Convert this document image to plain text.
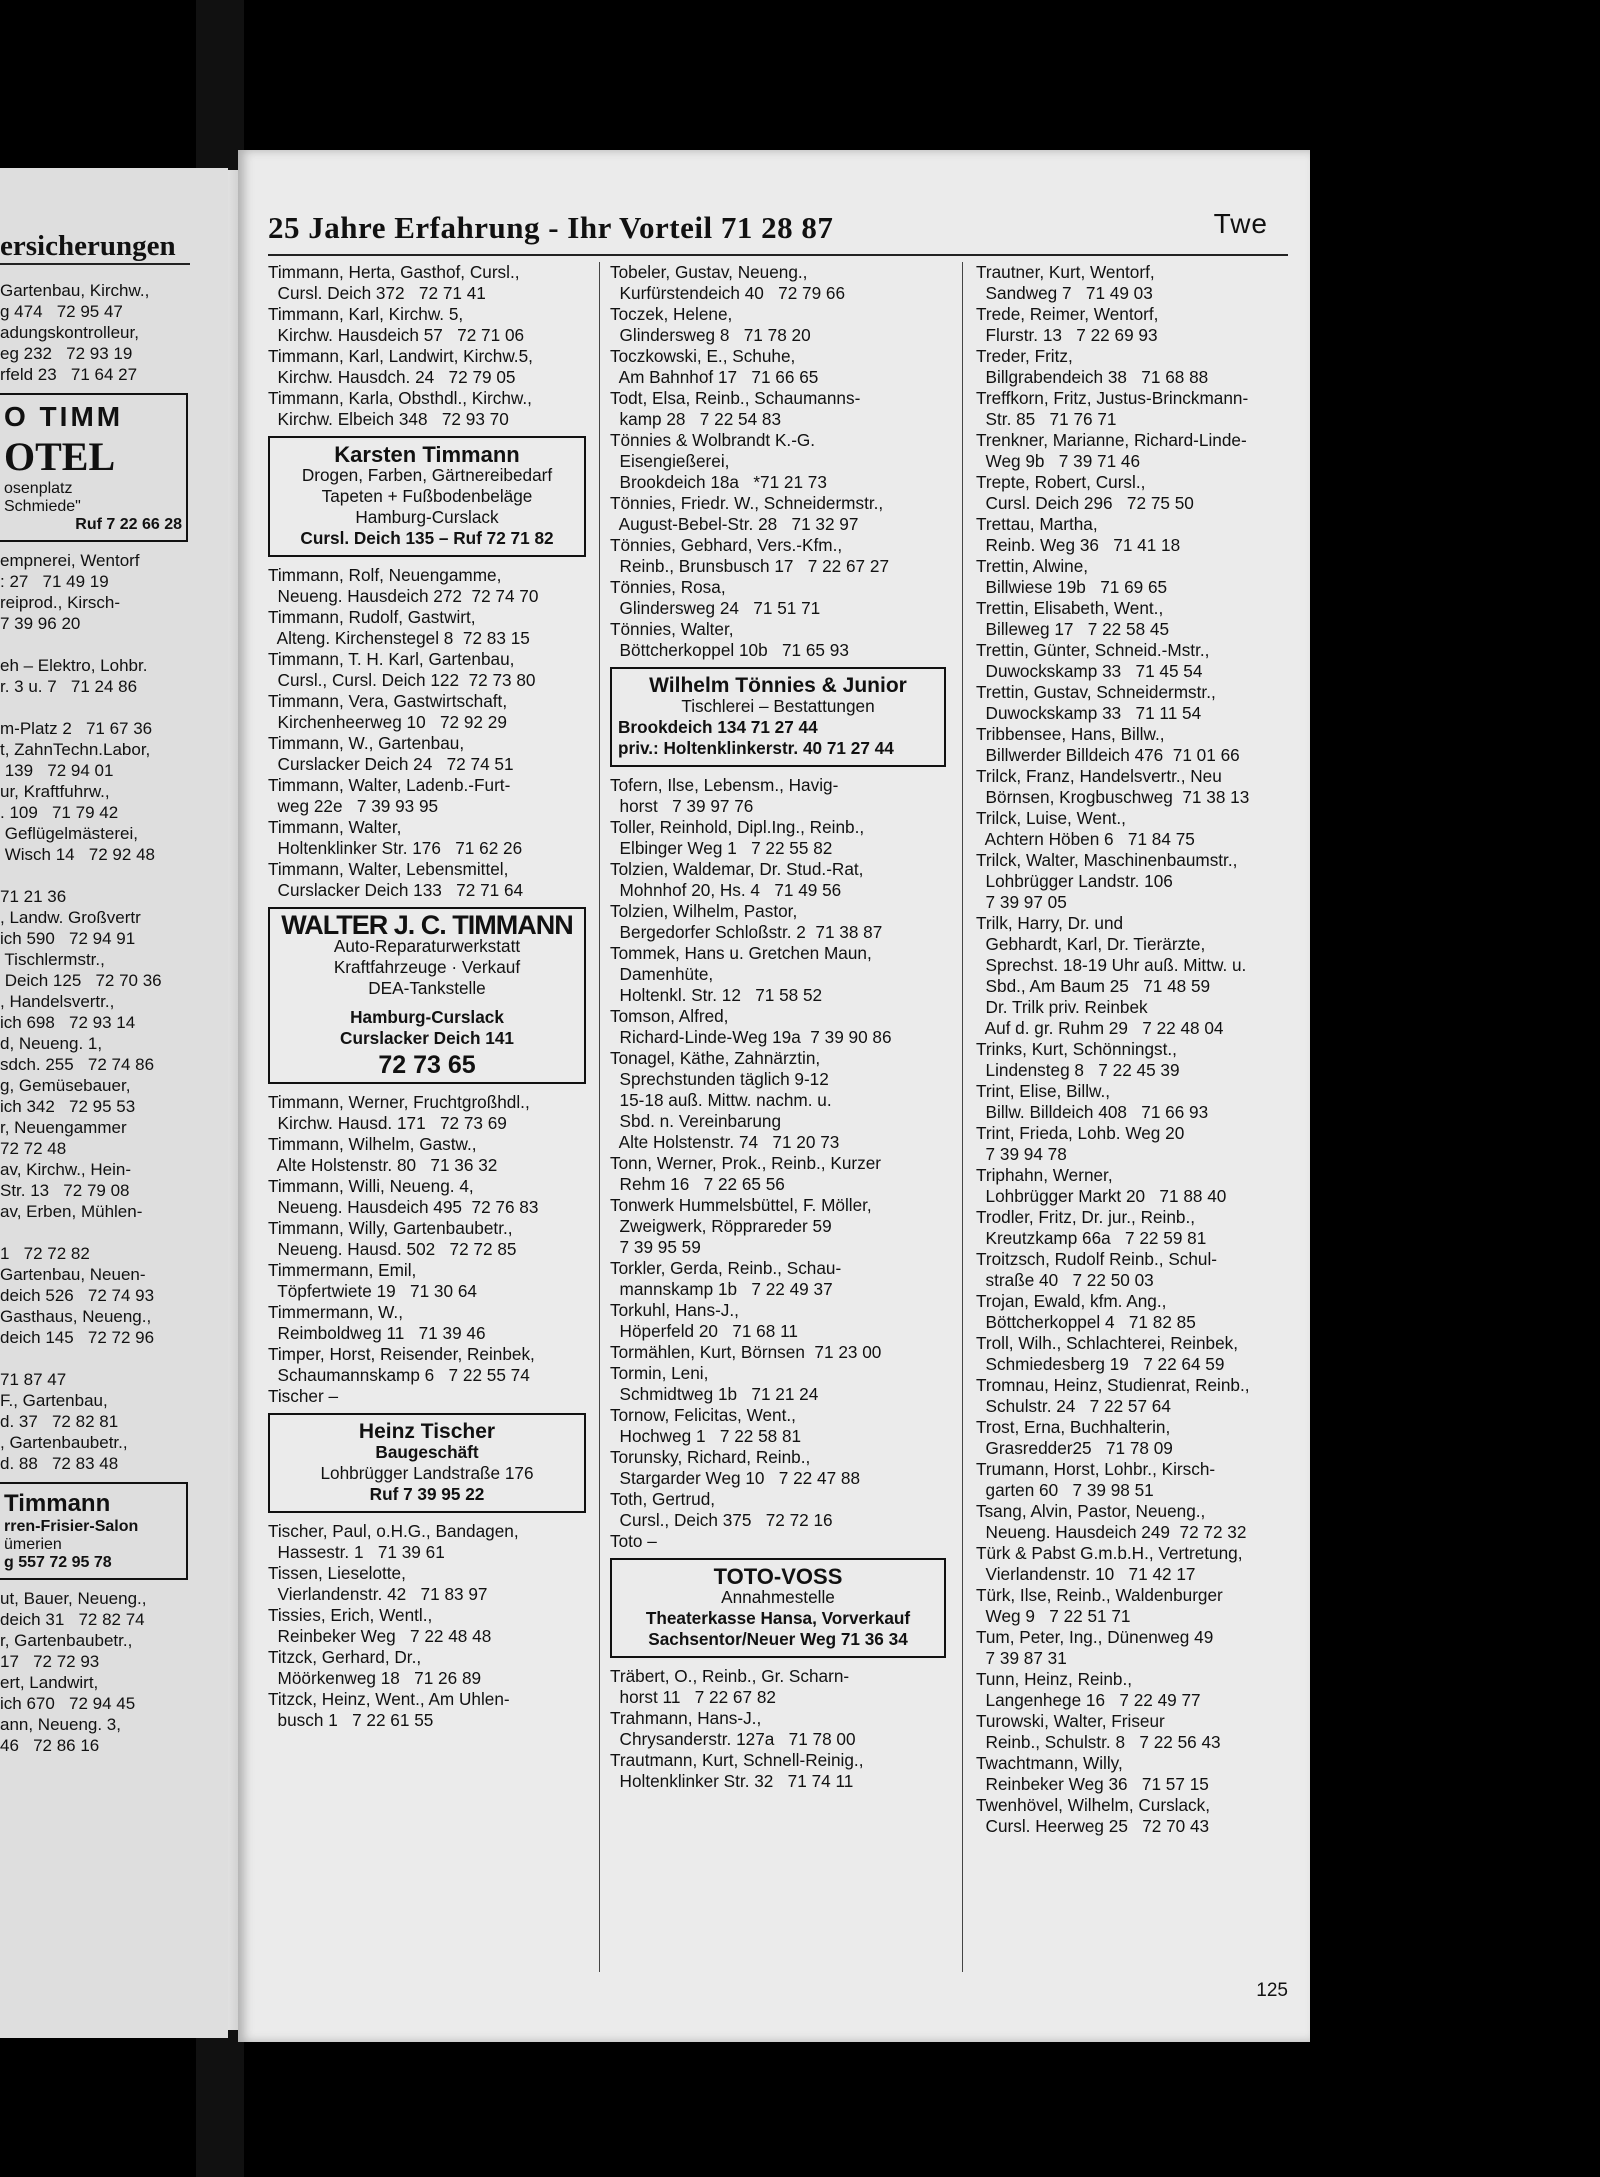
ersicherungen
Gartenbau, Kirchw.,
g 474   72 95 47
adungskontrolleur,
eg 232   72 93 19
rfeld 23   71 64 27
O TIMM
OTEL
osenplatz
Schmiede"
Ruf 7 22 66 28
empnerei, Wentorf
: 27   71 49 19
reiprod., Kirsch-
7 39 96 20

eh – Elektro, Lohbr.
r. 3 u. 7   71 24 86

m-Platz 2   71 67 36
t, ZahnTechn.Labor,
139   72 94 01
ur, Kraftfuhrw.,
. 109   71 79 42
Geflügelmästerei,
Wisch 14   72 92 48

71 21 36
, Landw. Großvertr
ich 590   72 94 91
Tischlermstr.,
Deich 125   72 70 36
, Handelsvertr.,
ich 698   72 93 14
d, Neueng. 1,
sdch. 255   72 74 86
g, Gemüsebauer,
ich 342   72 95 53
r, Neuengammer
72 72 48
av, Kirchw., Hein-
Str. 13   72 79 08
av, Erben, Mühlen-

1   72 72 82
Gartenbau, Neuen-
deich 526   72 74 93
Gasthaus, Neueng.,
deich 145   72 72 96

71 87 47
F., Gartenbau,
d. 37   72 82 81
, Gartenbaubetr.,
d. 88   72 83 48
Timmann
rren-Frisier-Salon
ümerien
g 557 72 95 78
ut, Bauer, Neueng.,
deich 31   72 82 74
r, Gartenbaubetr.,
17   72 72 93
ert, Landwirt,
ich 670   72 94 45
ann, Neueng. 3,
46   72 86 16
25 Jahre Erfahrung - Ihr Vorteil 71 28 87	Twe
Timmann, Herta, Gasthof, Cursl.,
Cursl. Deich 372   72 71 41
Timmann, Karl, Kirchw. 5,
Kirchw. Hausdeich 57   72 71 06
Timmann, Karl, Landwirt, Kirchw.5,
Kirchw. Hausdch. 24   72 79 05
Timmann, Karla, Obsthdl., Kirchw.,
Kirchw. Elbeich 348   72 93 70
Karsten Timmann
Drogen, Farben, Gärtnereibedarf
Tapeten + Fußbodenbeläge
Hamburg-Curslack
Cursl. Deich 135 – Ruf 72 71 82
Timmann, Rolf, Neuengamme,
Neueng. Hausdeich 272  72 74 70
Timmann, Rudolf, Gastwirt,
Alteng. Kirchenstegel 8  72 83 15
Timmann, T. H. Karl, Gartenbau,
Cursl., Cursl. Deich 122  72 73 80
Timmann, Vera, Gastwirtschaft,
Kirchenheerweg 10   72 92 29
Timmann, W., Gartenbau,
Curslacker Deich 24   72 74 51
Timmann, Walter, Ladenb.-Furt-
weg 22e   7 39 93 95
Timmann, Walter,
Holtenklinker Str. 176   71 62 26
Timmann, Walter, Lebensmittel,
Curslacker Deich 133   72 71 64
WALTER J. C. TIMMANN
Auto-Reparaturwerkstatt
Kraftfahrzeuge · Verkauf
DEA-Tankstelle
Hamburg-Curslack
Curslacker Deich 141
72 73 65
Timmann, Werner, Fruchtgroßhdl.,
Kirchw. Hausd. 171   72 73 69
Timmann, Wilhelm, Gastw.,
Alte Holstenstr. 80   71 36 32
Timmann, Willi, Neueng. 4,
Neueng. Hausdeich 495  72 76 83
Timmann, Willy, Gartenbaubetr.,
Neueng. Hausd. 502   72 72 85
Timmermann, Emil,
Töpfertwiete 19   71 30 64
Timmermann, W.,
Reimboldweg 11   71 39 46
Timper, Horst, Reisender, Reinbek,
Schaumannskamp 6   7 22 55 74
Tischer –
Heinz Tischer
Baugeschäft
Lohbrügger Landstraße 176
Ruf 7 39 95 22
Tischer, Paul, o.H.G., Bandagen,
Hassestr. 1   71 39 61
Tissen, Lieselotte,
Vierlandenstr. 42   71 83 97
Tissies, Erich, Wentl.,
Reinbeker Weg   7 22 48 48
Titzck, Gerhard, Dr.,
Möörkenweg 18   71 26 89
Titzck, Heinz, Went., Am Uhlen-
busch 1   7 22 61 55
Tobeler, Gustav, Neueng.,
Kurfürstendeich 40   72 79 66
Toczek, Helene,
Glindersweg 8   71 78 20
Toczkowski, E., Schuhe,
Am Bahnhof 17   71 66 65
Todt, Elsa, Reinb., Schaumanns-
kamp 28   7 22 54 83
Tönnies & Wolbrandt K.-G.
Eisengießerei,
Brookdeich 18a   *71 21 73
Tönnies, Friedr. W., Schneidermstr.,
August-Bebel-Str. 28   71 32 97
Tönnies, Gebhard, Vers.-Kfm.,
Reinb., Brunsbusch 17   7 22 67 27
Tönnies, Rosa,
Glindersweg 24   71 51 71
Tönnies, Walter,
Böttcherkoppel 10b   71 65 93
Wilhelm Tönnies & Junior
Tischlerei – Bestattungen
Brookdeich 134 71 27 44
priv.: Holtenklinkerstr. 40 71 27 44
Tofern, Ilse, Lebensm., Havig-
horst   7 39 97 76
Toller, Reinhold, Dipl.Ing., Reinb.,
Elbinger Weg 1   7 22 55 82
Tolzien, Waldemar, Dr. Stud.-Rat,
Mohnhof 20, Hs. 4   71 49 56
Tolzien, Wilhelm, Pastor,
Bergedorfer Schloßstr. 2  71 38 87
Tommek, Hans u. Gretchen Maun,
Damenhüte,
Holtenkl. Str. 12   71 58 52
Tomson, Alfred,
Richard-Linde-Weg 19a  7 39 90 86
Tonagel, Käthe, Zahnärztin,
Sprechstunden täglich 9-12
15-18 auß. Mittw. nachm. u.
Sbd. n. Vereinbarung
Alte Holstenstr. 74   71 20 73
Tonn, Werner, Prok., Reinb., Kurzer
Rehm 16   7 22 65 56
Tonwerk Hummelsbüttel, F. Möller,
Zweigwerk, Röpprareder 59
7 39 95 59
Torkler, Gerda, Reinb., Schau-
mannskamp 1b   7 22 49 37
Torkuhl, Hans-J.,
Höperfeld 20   71 68 11
Tormählen, Kurt, Börnsen  71 23 00
Tormin, Leni,
Schmidtweg 1b   71 21 24
Tornow, Felicitas, Went.,
Hochweg 1   7 22 58 81
Torunsky, Richard, Reinb.,
Stargarder Weg 10   7 22 47 88
Toth, Gertrud,
Cursl., Deich 375   72 72 16
Toto –
TOTO-VOSS
Annahmestelle
Theaterkasse Hansa, Vorverkauf
Sachsentor/Neuer Weg 71 36 34
Träbert, O., Reinb., Gr. Scharn-
horst 11   7 22 67 82
Trahmann, Hans-J.,
Chrysanderstr. 127a   71 78 00
Trautmann, Kurt, Schnell-Reinig.,
Holtenklinker Str. 32   71 74 11
Trautner, Kurt, Wentorf,
Sandweg 7   71 49 03
Trede, Reimer, Wentorf,
Flurstr. 13   7 22 69 93
Treder, Fritz,
Billgrabendeich 38   71 68 88
Treffkorn, Fritz, Justus-Brinckmann-
Str. 85   71 76 71
Trenkner, Marianne, Richard-Linde-
Weg 9b   7 39 71 46
Trepte, Robert, Cursl.,
Cursl. Deich 296   72 75 50
Trettau, Martha,
Reinb. Weg 36   71 41 18
Trettin, Alwine,
Billwiese 19b   71 69 65
Trettin, Elisabeth, Went.,
Billeweg 17   7 22 58 45
Trettin, Günter, Schneid.-Mstr.,
Duwockskamp 33   71 45 54
Trettin, Gustav, Schneidermstr.,
Duwockskamp 33   71 11 54
Tribbensee, Hans, Billw.,
Billwerder Billdeich 476  71 01 66
Trilck, Franz, Handelsvertr., Neu
Börnsen, Krogbuschweg  71 38 13
Trilck, Luise, Went.,
Achtern Höben 6   71 84 75
Trilck, Walter, Maschinenbaumstr.,
Lohbrügger Landstr. 106
7 39 97 05
Trilk, Harry, Dr. und
Gebhardt, Karl, Dr. Tierärzte,
Sprechst. 18-19 Uhr auß. Mittw. u.
Sbd., Am Baum 25   71 48 59
Dr. Trilk priv. Reinbek
Auf d. gr. Ruhm 29   7 22 48 04
Trinks, Kurt, Schönningst.,
Lindensteg 8   7 22 45 39
Trint, Elise, Billw.,
Billw. Billdeich 408   71 66 93
Trint, Frieda, Lohb. Weg 20
7 39 94 78
Triphahn, Werner,
Lohbrügger Markt 20   71 88 40
Trodler, Fritz, Dr. jur., Reinb.,
Kreutzkamp 66a   7 22 59 81
Troitzsch, Rudolf Reinb., Schul-
straße 40   7 22 50 03
Trojan, Ewald, kfm. Ang.,
Böttcherkoppel 4   71 82 85
Troll, Wilh., Schlachterei, Reinbek,
Schmiedesberg 19   7 22 64 59
Tromnau, Heinz, Studienrat, Reinb.,
Schulstr. 24   7 22 57 64
Trost, Erna, Buchhalterin,
Grasredder25   71 78 09
Trumann, Horst, Lohbr., Kirsch-
garten 60   7 39 98 51
Tsang, Alvin, Pastor, Neueng.,
Neueng. Hausdeich 249  72 72 32
Türk & Pabst G.m.b.H., Vertretung,
Vierlandenstr. 10   71 42 17
Türk, Ilse, Reinb., Waldenburger
Weg 9   7 22 51 71
Tum, Peter, Ing., Dünenweg 49
7 39 87 31
Tunn, Heinz, Reinb.,
Langenhege 16   7 22 49 77
Turowski, Walter, Friseur
Reinb., Schulstr. 8   7 22 56 43
Twachtmann, Willy,
Reinbeker Weg 36   71 57 15
Twenhövel, Wilhelm, Curslack,
Cursl. Heerweg 25   72 70 43
125
